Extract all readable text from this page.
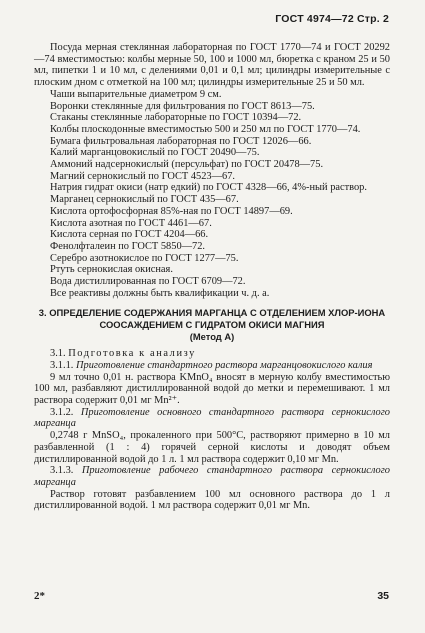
ГОСТ 4974—72 Стр. 2

Посуда мерная стеклянная лабораторная по ГОСТ 1770—74 и ГОСТ 20292—74 вместимостью: колбы мерные 50, 100 и 1000 мл, бюретка с краном 25 и 50 мл, пипетки 1 и 10 мл, с делениями 0,01 и 0,1 мл; цилиндры измерительные с плоским дном с отметкой на 100 мл; цилиндры измерительные 25 и 50 мл.

Чаши выпарительные диаметром 9 см.

Воронки стеклянные для фильтрования по ГОСТ 8613—75.

Стаканы стеклянные лабораторные по ГОСТ 10394—72.

Колбы плоскодонные вместимостью 500 и 250 мл по ГОСТ 1770—74.

Бумага фильтровальная лабораторная по ГОСТ 12026—66.

Калий марганцовокислый по ГОСТ 20490—75.

Аммоний надсернокислый (персульфат) по ГОСТ 20478—75.

Магний сернокислый по ГОСТ 4523—67.

Натрия гидрат окиси (натр едкий) по ГОСТ 4328—66, 4%-ный раствор.

Марганец сернокислый по ГОСТ 435—67.

Кислота ортофосфорная 85%-ная по ГОСТ 14897—69.

Кислота азотная по ГОСТ 4461—67.

Кислота серная по ГОСТ 4204—66.

Фенолфталеин по ГОСТ 5850—72.

Серебро азотнокислое по ГОСТ 1277—75.

Ртуть сернокислая окисная.

Вода дистиллированная по ГОСТ 6709—72.

Все реактивы должны быть квалификации ч. д. а.

3. ОПРЕДЕЛЕНИЕ СОДЕРЖАНИЯ МАРГАНЦА С ОТДЕЛЕНИЕМ ХЛОР-ИОНА СООСАЖДЕНИЕМ С ГИДРАТОМ ОКИСИ МАГНИЯ
(Метод А)

3.1. Подготовка к анализу

3.1.1. Приготовление стандартного раствора марганцовокислого калия

9 мл точно 0,01 н. раствора KMnO₄ вносят в мерную колбу вместимостью 100 мл, разбавляют дистиллированной водой до метки и перемешивают. 1 мл раствора содержит 0,01 мг Mn²⁺.

3.1.2. Приготовление основного стандартного раствора сернокислого марганца

0,2748 г MnSO₄, прокаленного при 500°С, растворяют примерно в 10 мл разбавленной (1 : 4) горячей серной кислоты и доводят объем дистиллированной водой до 1 л. 1 мл раствора содержит 0,10 мг Mn.

3.1.3. Приготовление рабочего стандартного раствора сернокислого марганца

Раствор готовят разбавлением 100 мл основного раствора до 1 л дистиллированной водой. 1 мл раствора содержит 0,01 мг Mn.

2*	35
